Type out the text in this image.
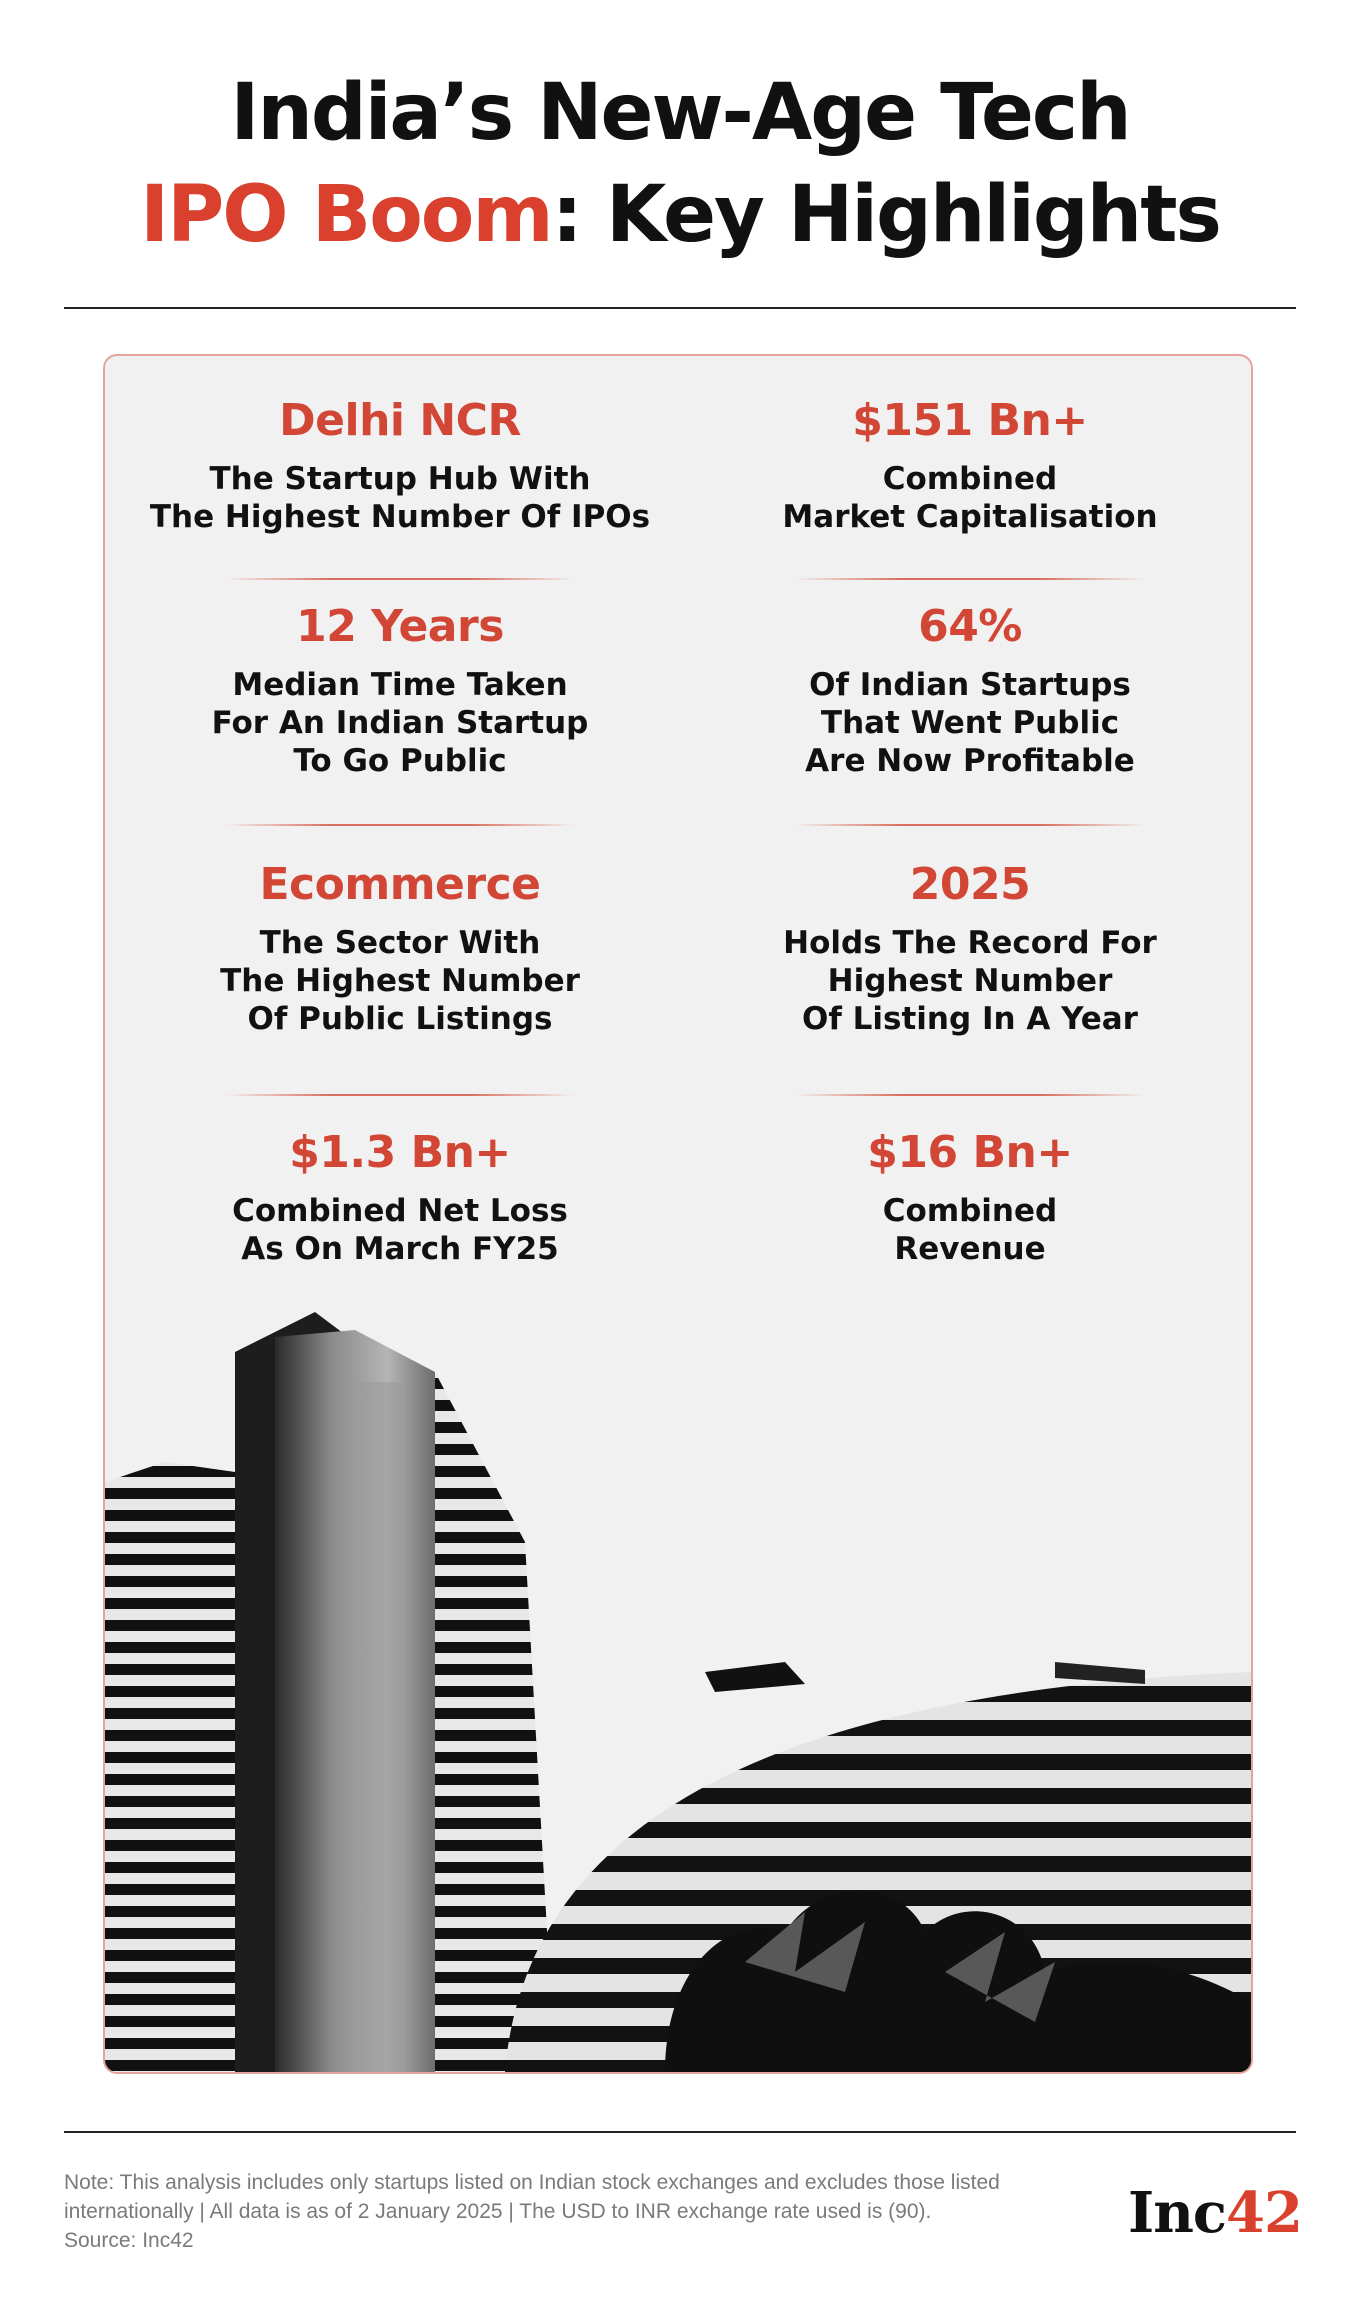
India’s New-Age Tech
IPO Boom: Key Highlights
Delhi NCR
The Startup Hub With
The Highest Number Of IPOs
$151 Bn+
Combined
Market Capitalisation
12 Years
Median Time Taken
For An Indian Startup
To Go Public
64%
Of Indian Startups
That Went Public
Are Now Profitable
Ecommerce
The Sector With
The Highest Number
Of Public Listings
2025
Holds The Record For
Highest Number
Of Listing In A Year
$1.3 Bn+
Combined Net Loss
As On March FY25
$16 Bn+
Combined
Revenue
Note: This analysis includes only startups listed on Indian stock exchanges and excludes those listed
internationally | All data is as of 2 January 2025 | The USD to INR exchange rate used is (90).
Source: Inc42	Inc42
